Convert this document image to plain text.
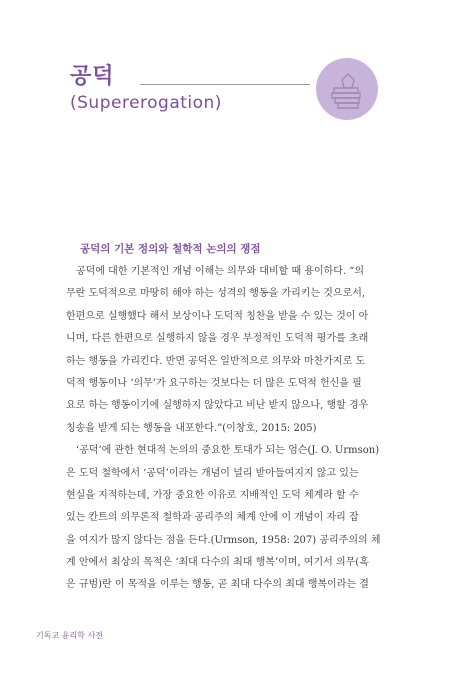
공덕
(Supererogation)
공덕의 기본 정의와 철학적 논의의 쟁점
공덕에 대한 기본적인 개념 이해는 의무와 대비할 때 용이하다. “의
무란 도덕적으로 마땅히 해야 하는 성격의 행동을 가리키는 것으로서,
한편으로 실행했다 해서 보상이나 도덕적 칭찬을 받을 수 있는 것이 아
니며, 다른 한편으로 실행하지 않을 경우 부정적인 도덕적 평가를 초래
하는 행동을 가리킨다. 반면 공덕은 일반적으로 의무와 마찬가지로 도
덕적 행동이나 ‘의무’가 요구하는 것보다는 더 많은 도덕적 헌신을 필
요로 하는 행동이기에 실행하지 않았다고 비난 받지 않으나, 행할 경우
칭송을 받게 되는 행동을 내포한다.”(이창호, 2015: 205)
‘공덕’에 관한 현대적 논의의 중요한 토대가 되는 엄슨(J. O. Urmson)
은 도덕 철학에서 ‘공덕’이라는 개념이 널리 받아들여지지 않고 있는
현실을 지적하는데, 가장 중요한 이유로 지배적인 도덕 체계라 할 수
있는 칸트의 의무론적 철학과 공리주의 체계 안에 이 개념이 자리 잡
을 여지가 많지 않다는 점을 든다.(Urmson, 1958: 207) 공리주의의 체
계 안에서 최상의 목적은 ‘최대 다수의 최대 행복’이며, 여기서 의무(혹
은 규범)란 이 목적을 이루는 행동, 곧 최대 다수의 최대 행복이라는 결
기독교 윤리학 사전
